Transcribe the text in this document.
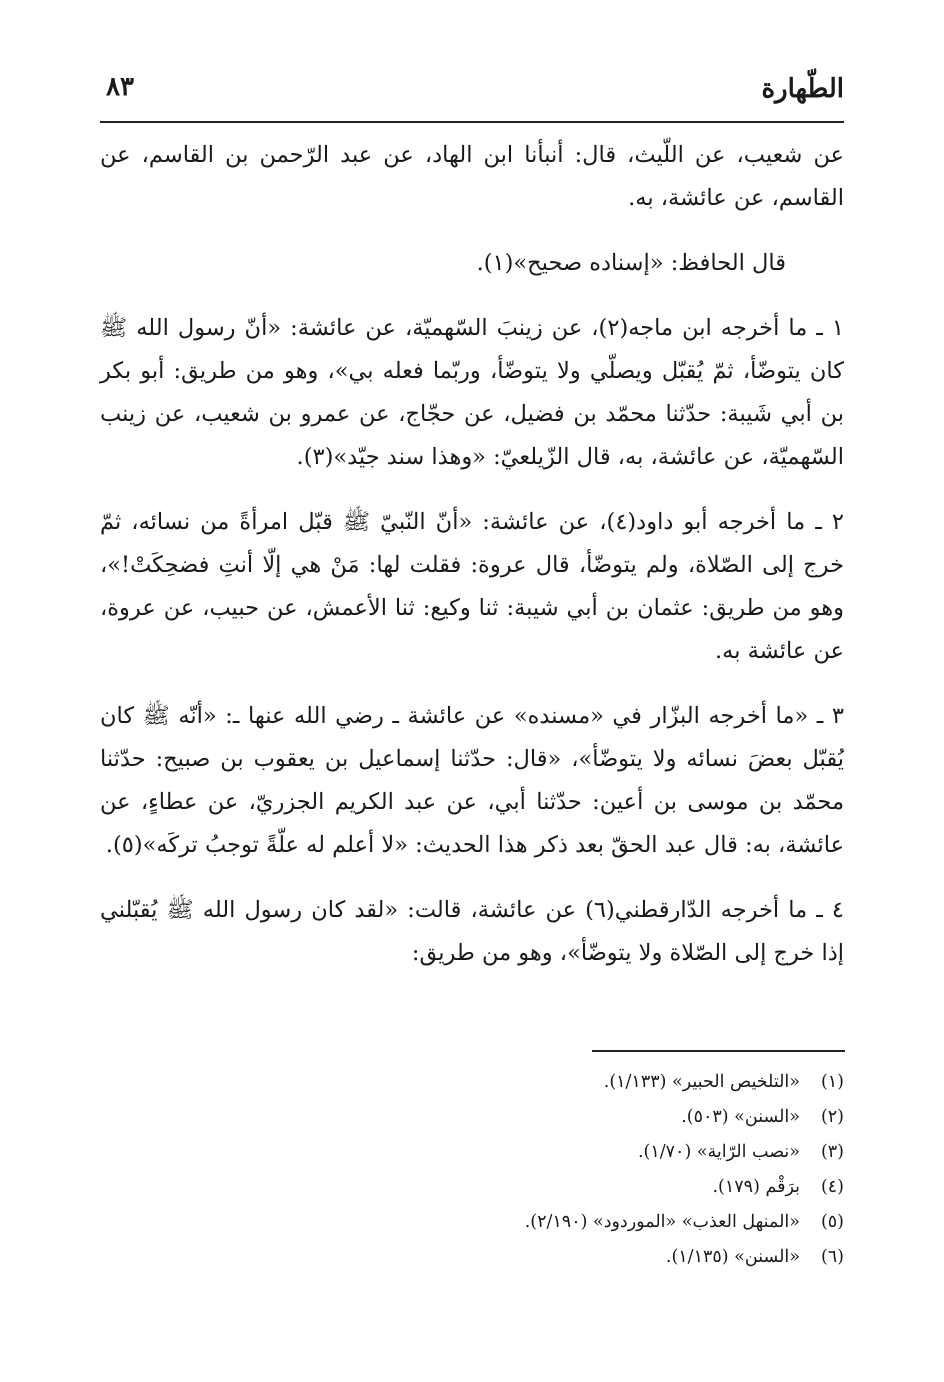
٨٣	الطّهارة

عن شعيب، عن اللّيث، قال: أنبأنا ابن الهاد، عن عبد الرّحمن بن القاسم، عن القاسم، عن عائشة، به.

قال الحافظ: «إسناده صحيح»(١).

١ ـ ما أخرجه ابن ماجه(٢)، عن زينبَ السّهميّة، عن عائشة: «أنّ رسول الله ﷺ كان يتوضّأ، ثمّ يُقبّل ويصلّي ولا يتوضّأ، وربّما فعله بي»، وهو من طريق: أبو بكر بن أبي شَيبة: حدّثنا محمّد بن فضيل، عن حجّاج، عن عمرو بن شعيب، عن زينب السّهميّة، عن عائشة، به، قال الزّيلعيّ: «وهذا سند جيّد»(٣).

٢ ـ ما أخرجه أبو داود(٤)، عن عائشة: «أنّ النّبيّ ﷺ قبّل امرأةً من نسائه، ثمّ خرج إلى الصّلاة، ولم يتوضّأ، قال عروة: فقلت لها: مَنْ هي إلّا أنتِ فضحِكَتْ!»، وهو من طريق: عثمان بن أبي شيبة: ثنا وكيع: ثنا الأعمش، عن حبيب، عن عروة، عن عائشة به.

٣ ـ «ما أخرجه البزّار في «مسنده» عن عائشة ـ رضي الله عنها ـ: «أنّه ﷺ كان يُقبّل بعضَ نسائه ولا يتوضّأ»، «قال: حدّثنا إسماعيل بن يعقوب بن صبيح: حدّثنا محمّد بن موسى بن أعين: حدّثنا أبي، عن عبد الكريم الجزريّ، عن عطاءٍ، عن عائشة، به: قال عبد الحقّ بعد ذكر هذا الحديث: «لا أعلم له علّةً توجبُ تركَه»(٥).

٤ ـ ما أخرجه الدّارقطني(٦) عن عائشة، قالت: «لقد كان رسول الله ﷺ يُقبّلني إذا خرج إلى الصّلاة ولا يتوضّأ»، وهو من طريق:

(١)«التلخيص الحبير» (١/١٣٣).
(٢)«السنن» (٥٠٣).
(٣)«نصب الرّاية» (١/٧٠).
(٤)برَقْم (١٧٩).
(٥)«المنهل العذب» «الموردود» (٢/١٩٠).
(٦)«السنن» (١/١٣٥).
